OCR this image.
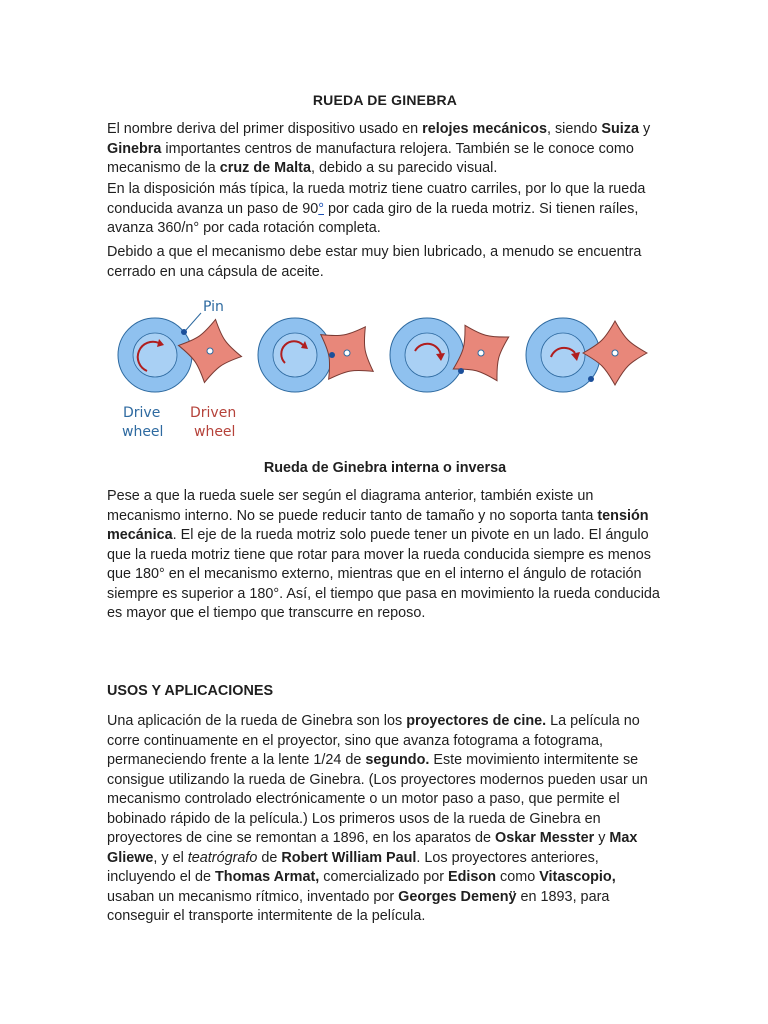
RUEDA DE GINEBRA

El nombre deriva del primer dispositivo usado en relojes mecánicos, siendo Suiza y Ginebra importantes centros de manufactura relojera. También se le conoce como mecanismo de la cruz de Malta, debido a su parecido visual.

En la disposición más típica, la rueda motriz tiene cuatro carriles, por lo que la rueda conducida avanza un paso de 90° por cada giro de la rueda motriz. Si tienen raíles, avanza 360/n° por cada rotación completa.

Debido a que el mecanismo debe estar muy bien lubricado, a menudo se encuentra cerrado en una cápsula de aceite.

Rueda de Ginebra interna o inversa

Pese a que la rueda suele ser según el diagrama anterior, también existe un mecanismo interno. No se puede reducir tanto de tamaño y no soporta tanta tensión mecánica. El eje de la rueda motriz solo puede tener un pivote en un lado. El ángulo que la rueda motriz tiene que rotar para mover la rueda conducida siempre es menos que 180° en el mecanismo externo, mientras que en el interno el ángulo de rotación siempre es superior a 180°. Así, el tiempo que pasa en movimiento la rueda conducida es mayor que el tiempo que transcurre en reposo.

USOS Y APLICACIONES

Una aplicación de la rueda de Ginebra son los proyectores de cine. La película no corre continuamente en el proyector, sino que avanza fotograma a fotograma, permaneciendo frente a la lente 1/24 de segundo. Este movimiento intermitente se consigue utilizando la rueda de Ginebra. (Los proyectores modernos pueden usar un mecanismo controlado electrónicamente o un motor paso a paso, que permite el bobinado rápido de la película.) Los primeros usos de la rueda de Ginebra en proyectores de cine se remontan a 1896, en los aparatos de Oskar Messter y Max Gliewe, y el teatrógrafo de Robert William Paul. Los proyectores anteriores, incluyendo el de Thomas Armat, comercializado por Edison como Vitascopio, usaban un mecanismo rítmico, inventado por Georges Demenÿ en 1893, para conseguir el transporte intermitente de la película.

Pin
Drive
wheel
Driven
wheel
